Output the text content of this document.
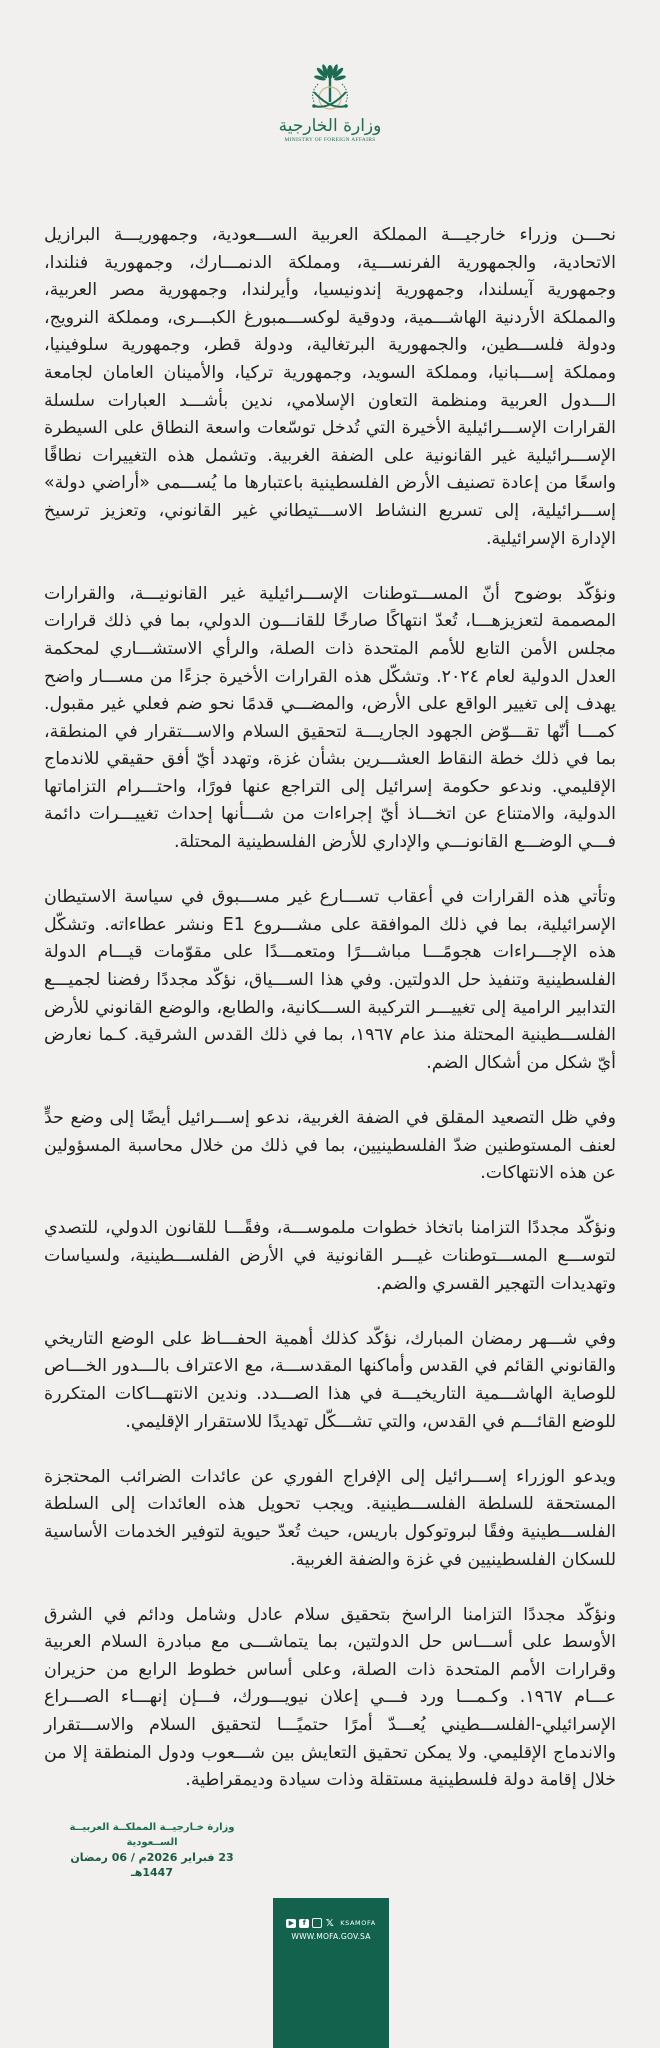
وزارة الخارجية
MINISTRY OF FOREIGN AFFAIRS

نحـــن وزراء خارجيـــة المملكة العربية الســـعودية، وجمهوريـــة البرازيل الاتحادية، والجمهورية الفرنســـية، ومملكة الدنمـــارك، وجمهورية فنلندا، وجمهورية آيسلندا، وجمهورية إندونيسيا، وأيرلندا، وجمهورية مصر العربية، والمملكة الأردنية الهاشـــمية، ودوقية لوكســـمبورغ الكبـــرى، ومملكة النرويج، ودولة فلســـطين، والجمهورية البرتغالية، ودولة قطر، وجمهورية سلوفينيا، ومملكة إســـبانيا، ومملكة السويد، وجمهورية تركيا، والأمينان العامان لجامعة الـــدول العربية ومنظمة التعاون الإسلامي، ندين بأشـــد العبارات سلسلة القرارات الإســـرائيلية الأخيرة التي تُدخل توسّعات واسعة النطاق على السيطرة الإســـرائيلية غير القانونية على الضفة الغربية. وتشمل هذه التغييرات نطاقًا واسعًا من إعادة تصنيف الأرض الفلسطينية باعتبارها ما يُســـمى «أراضي دولة» إســـرائيلية، إلى تسريع النشاط الاســـتيطاني غير القانوني، وتعزيز ترسيخ الإدارة الإسرائيلية.

ونؤكّد بوضوح أنّ المســـتوطنات الإســـرائيلية غير القانونيـــة، والقرارات المصممة لتعزيزهـــا، تُعدّ انتهاكًا صارخًا للقانـــون الدولي، بما في ذلك قرارات مجلس الأمن التابع للأمم المتحدة ذات الصلة، والرأي الاستشـــاري لمحكمة العدل الدولية لعام ٢٠٢٤. وتشكّل هذه القرارات الأخيرة جزءًا من مســـار واضح يهدف إلى تغيير الواقع على الأرض، والمضـــي قدمًا نحو ضم فعلي غير مقبول. كمـــا أنّها تقـــوّض الجهود الجاريـــة لتحقيق السلام والاســـتقرار في المنطقة، بما في ذلك خطة النقاط العشـــرين بشأن غزة، وتهدد أيّ أفق حقيقي للاندماج الإقليمي. وندعو حكومة إسرائيل إلى التراجع عنها فورًا، واحتـــرام التزاماتها الدولية، والامتناع عن اتخـــاذ أيّ إجراءات من شـــأنها إحداث تغييـــرات دائمة فـــي الوضـــع القانونـــي والإداري للأرض الفلسطينية المحتلة.

وتأتي هذه القرارات في أعقاب تســـارع غير مســـبوق في سياسة الاستيطان الإسرائيلية، بما في ذلك الموافقة على مشـــروع E1 ونشر عطاءاته. وتشكّل هذه الإجـــراءات هجومًـــا مباشـــرًا ومتعمـــدًا على مقوّمات قيـــام الدولة الفلسطينية وتنفيذ حل الدولتين. وفي هذا الســـياق، نؤكّد مجددًا رفضنا لجميـــع التدابير الرامية إلى تغييـــر التركيبة الســـكانية، والطابع، والوضع القانوني للأرض الفلســـطينية المحتلة منذ عام ١٩٦٧، بما في ذلك القدس الشرقية. كـما نعارض أيّ شكل من أشكال الضم.

وفي ظل التصعيد المقلق في الضفة الغربية، ندعو إســـرائيل أيضًا إلى وضع حدٍّ لعنف المستوطنين ضدّ الفلسطينيين، بما في ذلك من خلال محاسبة المسؤولين عن هذه الانتهاكات.

ونؤكّد مجددًا التزامنا باتخاذ خطوات ملموســـة، وفقًـــا للقانون الدولي، للتصدي لتوســـع المســـتوطنات غيـــر القانونية في الأرض الفلســـطينية، ولسياسات وتهديدات التهجير القسري والضم.

وفي شـــهر رمضان المبارك، نؤكّد كذلك أهمية الحفـــاظ على الوضع التاريخي والقانوني القائم في القدس وأماكنها المقدســـة، مع الاعتراف بالـــدور الخـــاص للوصاية الهاشـــمية التاريخيـــة في هذا الصـــدد. وندين الانتهـــاكات المتكررة للوضع القائـــم في القدس، والتي تشـــكّل تهديدًا للاستقرار الإقليمي.

ويدعو الوزراء إســـرائيل إلى الإفراج الفوري عن عائدات الضرائب المحتجزة المستحقة للسلطة الفلســـطينية. ويجب تحويل هذه العائدات إلى السلطة الفلســـطينية وفقًا لبروتوكول باريس، حيث تُعدّ حيوية لتوفير الخدمات الأساسية للسكان الفلسطينيين في غزة والضفة الغربية.

ونؤكّد مجددًا التزامنا الراسخ بتحقيق سلام عادل وشامل ودائم في الشرق الأوسط على أســـاس حل الدولتين، بما يتماشـــى مع مبادرة السلام العربية وقرارات الأمم المتحدة ذات الصلة، وعلى أساس خطوط الرابع من حزيران عـــام ١٩٦٧. وكـمـــا ورد فـــي إعلان نيويـــورك، فـــإن إنهـــاء الصـــراع الإسرائيلي-الفلســـطيني يُعـــدّ أمرًا حتميًـــا لتحقيق السلام والاســـتقرار والاندماج الإقليمي. ولا يمكن تحقيق التعايش بين شـــعوب ودول المنطقة إلا من خلال إقامة دولة فلسطينية مستقلة وذات سيادة وديمقراطية.

وزارة خـارجيــة المملكــة العربيــة الســعودية
23 فبراير 2026م / 06 رمضان 1447هـ
▶	f	𝕏 KSAMOFA
WWW.MOFA.GOV.SA
